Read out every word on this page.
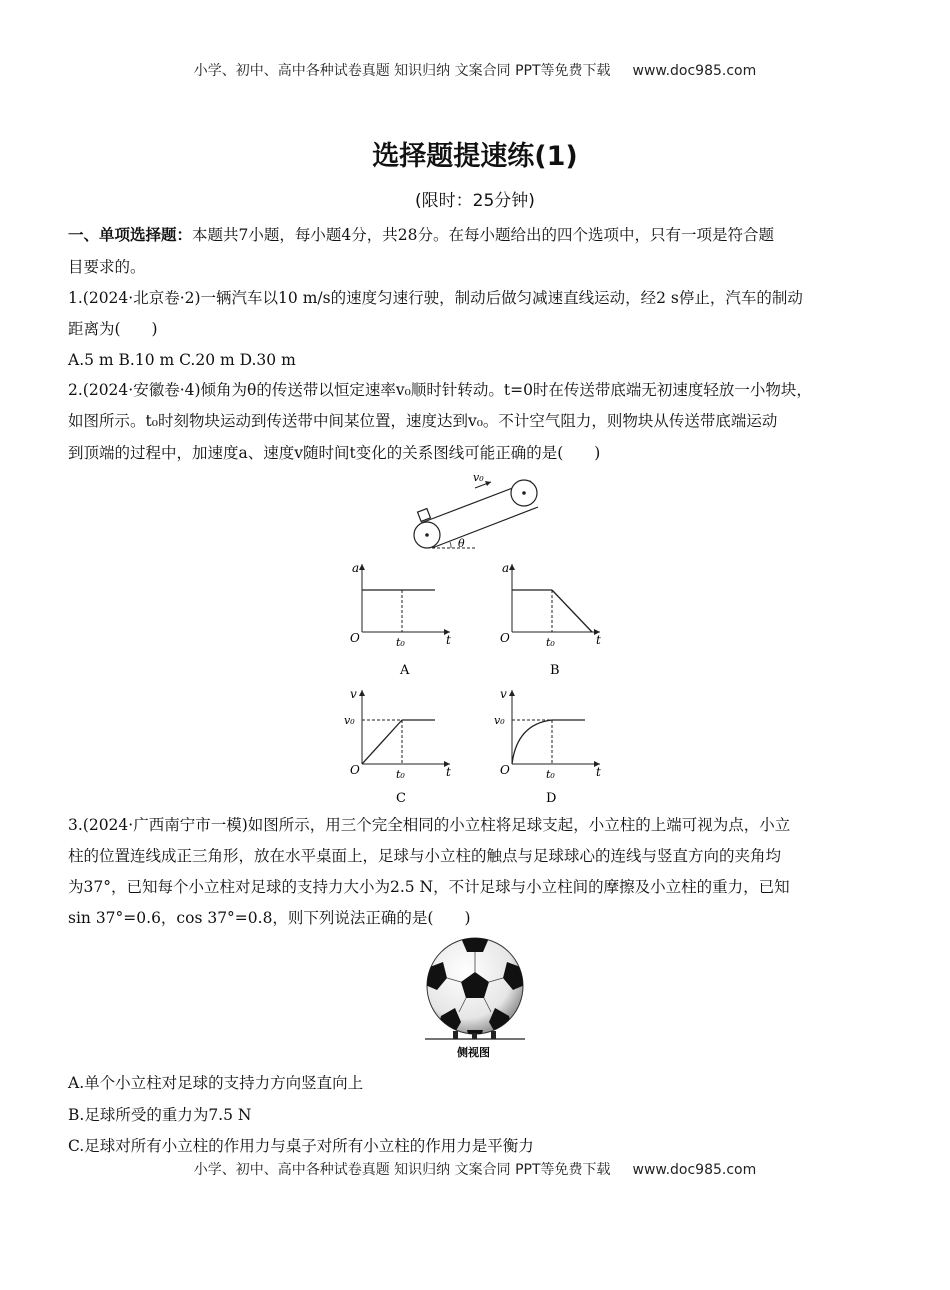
小学、初中、高中各种试卷真题 知识归纳 文案合同 PPT等免费下载 www.doc985.com
选择题提速练(1)
(限时：25分钟)
一、单项选择题：本题共7小题，每小题4分，共28分。在每小题给出的四个选项中，只有一项是符合题
目要求的。
1.(2024·北京卷·2)一辆汽车以10 m/s的速度匀速行驶，制动后做匀减速直线运动，经2 s停止，汽车的制动
距离为(　　)
A.5 m B.10 m C.20 m D.30 m
2.(2024·安徽卷·4)倾角为θ的传送带以恒定速率v₀顺时针转动。t=0时在传送带底端无初速度轻放一小物块，
如图所示。t₀时刻物块运动到传送带中间某位置，速度达到v₀。不计空气阻力，则物块从传送带底端运动
到顶端的过程中，加速度a、速度v随时间t变化的关系图线可能正确的是(　　)
v₀
θ
a
O	t
t₀
A
a
O	t
t₀
B
v
v₀
O	t
t₀
C
v
v₀
O	t
t₀
D
3.(2024·广西南宁市一模)如图所示，用三个完全相同的小立柱将足球支起，小立柱的上端可视为点，小立
柱的位置连线成正三角形，放在水平桌面上，足球与小立柱的触点与足球球心的连线与竖直方向的夹角均
为37°，已知每个小立柱对足球的支持力大小为2.5 N，不计足球与小立柱间的摩擦及小立柱的重力，已知
sin 37°=0.6，cos 37°=0.8，则下列说法正确的是(　　)
侧视图
A.单个小立柱对足球的支持力方向竖直向上
B.足球所受的重力为7.5 N
C.足球对所有小立柱的作用力与桌子对所有小立柱的作用力是平衡力
小学、初中、高中各种试卷真题 知识归纳 文案合同 PPT等免费下载 www.doc985.com
